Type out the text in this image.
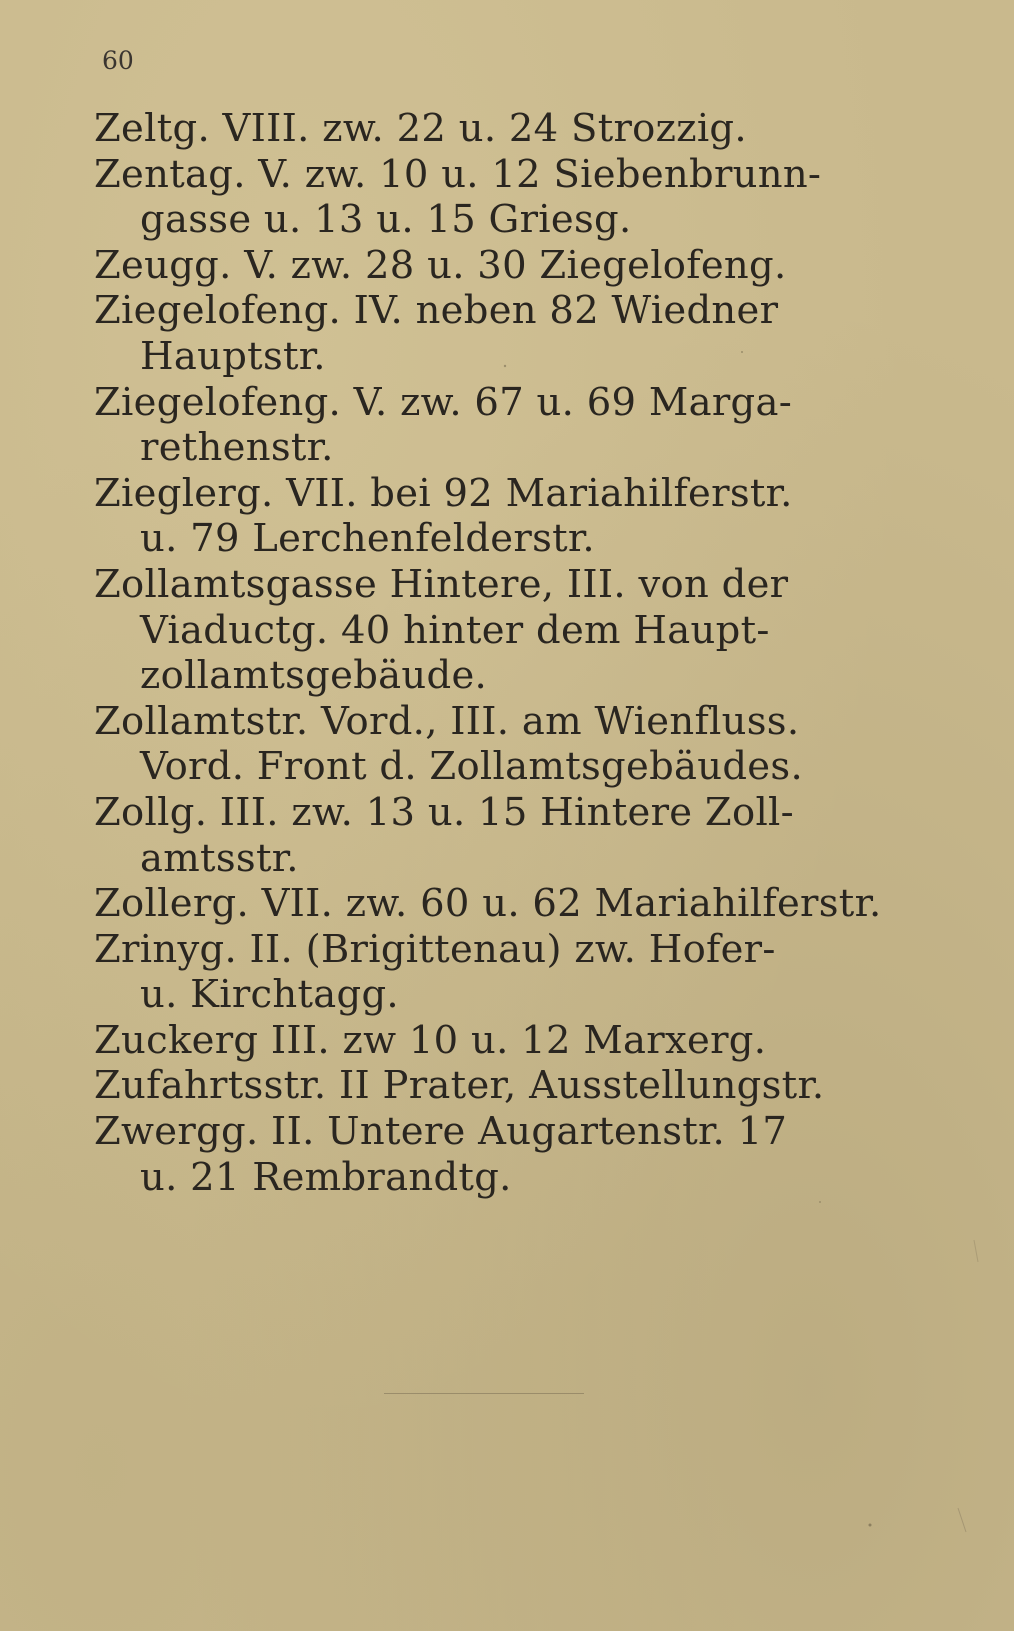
60
Zeltg. VIII. zw. 22 u. 24 Strozzig.
Zentag. V. zw. 10 u. 12 Siebenbrunn-
gasse u. 13 u. 15 Griesg.
Zeugg. V. zw. 28 u. 30 Ziegelofeng.
Ziegelofeng. IV. neben 82 Wiedner
Hauptstr.
Ziegelofeng. V. zw. 67 u. 69 Marga-
rethenstr.
Zieglerg. VII. bei 92 Mariahilferstr.
u. 79 Lerchenfelderstr.
Zollamtsgasse Hintere, III. von der
Viaductg. 40 hinter dem Haupt-
zollamtsgebäude.
Zollamtstr. Vord., III. am Wienfluss.
Vord. Front d. Zollamtsgebäudes.
Zollg. III. zw. 13 u. 15 Hintere Zoll-
amtsstr.
Zollerg. VII. zw. 60 u. 62 Mariahilferstr.
Zrinyg. II. (Brigittenau) zw. Hofer-
u. Kirchtagg.
Zuckerg III. zw 10 u. 12 Marxerg.
Zufahrtsstr. II Prater, Ausstellungstr.
Zwergg. II. Untere Augartenstr. 17
u. 21 Rembrandtg.
